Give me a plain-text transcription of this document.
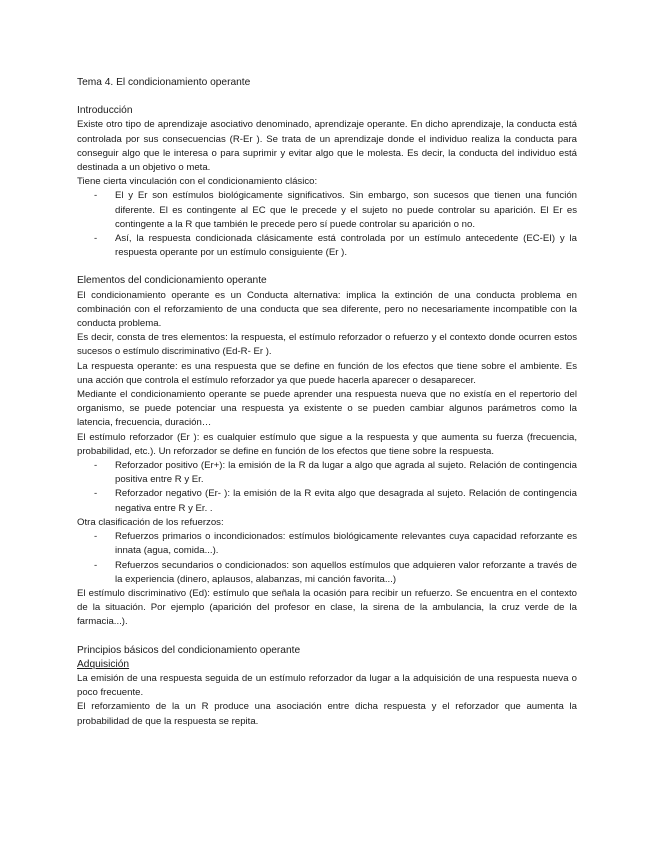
Tema 4. El condicionamiento operante

Introducción

Existe otro tipo de aprendizaje asociativo denominado, aprendizaje operante. En dicho aprendizaje, la conducta está controlada por sus consecuencias (R-Er ). Se trata de un aprendizaje donde el individuo realiza la conducta para conseguir algo que le interesa o para suprimir y evitar algo que le molesta. Es decir, la conducta del individuo está destinada a un objetivo o meta.

Tiene cierta vinculación con el condicionamiento clásico:

- El y Er son estímulos biológicamente significativos. Sin embargo, son sucesos que tienen una función diferente. El es contingente al EC que le precede y el sujeto no puede controlar su aparición. El Er es contingente a la R que también le precede pero sí puede controlar su aparición o no.
- Así, la respuesta condicionada clásicamente está controlada por un estímulo antecedente (EC-EI) y la respuesta operante por un estímulo consiguiente (Er ).

Elementos del condicionamiento operante

El condicionamiento operante es un Conducta alternativa: implica la extinción de una conducta problema en combinación con el reforzamiento de una conducta que sea diferente, pero no necesariamente incompatible con la conducta problema.

Es decir, consta de tres elementos: la respuesta, el estímulo reforzador o refuerzo y el contexto donde ocurren estos sucesos o estímulo discriminativo (Ed-R- Er ).

La respuesta operante: es una respuesta que se define en función de los efectos que tiene sobre el ambiente. Es una acción que controla el estímulo reforzador ya que puede hacerla aparecer o desaparecer.

Mediante el condicionamiento operante se puede aprender una respuesta nueva que no existía en el repertorio del organismo, se puede potenciar una respuesta ya existente o se pueden cambiar algunos parámetros como la latencia, frecuencia, duración…

El estímulo reforzador (Er ): es cualquier estímulo que sigue a la respuesta y que aumenta su fuerza (frecuencia, probabilidad, etc.). Un reforzador se define en función de los efectos que tiene sobre la respuesta.

- Reforzador positivo (Er+): la emisión de la R da lugar a algo que agrada al sujeto. Relación de contingencia positiva entre R y Er.
- Reforzador negativo (Er- ): la emisión de la R evita algo que desagrada al sujeto. Relación de contingencia negativa entre R y Er. .

Otra clasificación de los refuerzos:

- Refuerzos primarios o incondicionados: estímulos biológicamente relevantes cuya capacidad reforzante es innata (agua, comida...).
- Refuerzos secundarios o condicionados: son aquellos estímulos que adquieren valor reforzante a través de la experiencia (dinero, aplausos, alabanzas, mi canción favorita...)

El estímulo discriminativo (Ed): estímulo que señala la ocasión para recibir un refuerzo. Se encuentra en el contexto de la situación. Por ejemplo (aparición del profesor en clase, la sirena de la ambulancia, la cruz verde de la farmacia...).

Principios básicos del condicionamiento operante

Adquisición

La emisión de una respuesta seguida de un estímulo reforzador da lugar a la adquisición de una respuesta nueva o poco frecuente.

El reforzamiento de la un R produce una asociación entre dicha respuesta y el reforzador que aumenta la probabilidad de que la respuesta se repita.
